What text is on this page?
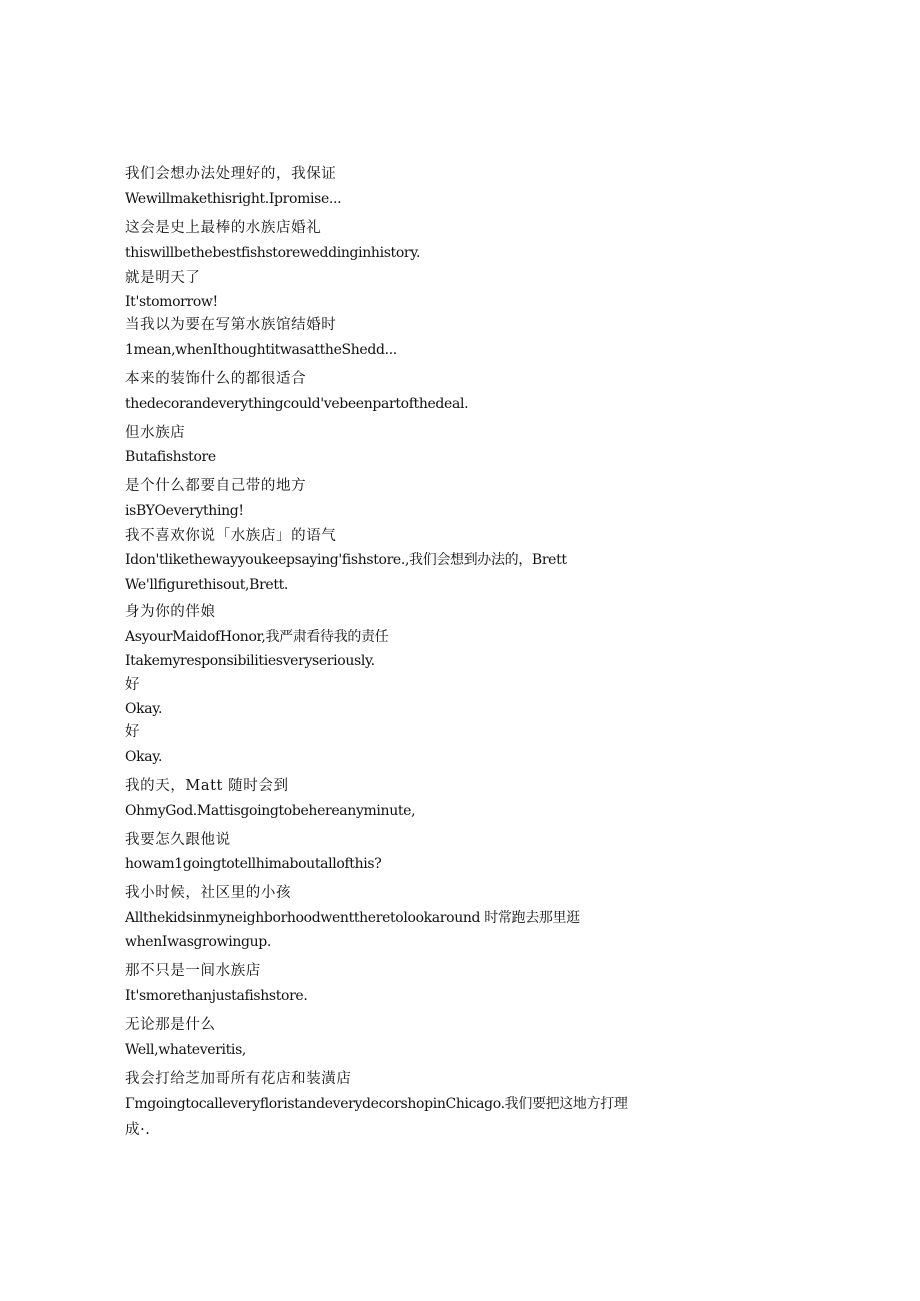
我们会想办法处理好的，我保证
Wewillmakethisright.Ipromise...
这会是史上最棒的水族店婚礼
thiswillbethebestfishstoreweddinginhistory.
就是明天了
It'stomorrow!
当我以为要在写第水族馆结婚时
1mean,whenIthoughtitwasattheShedd...
本来的装饰什么的都很适合
thedecorandeverythingcould'vebeenpartofthedeal.
但水族店
Butafishstore
是个什么都要自己带的地方
isBYOeverything!
我不喜欢你说「水族店」的语气
Idon'tlikethewayyoukeepsaying'fishstore.,我们会想到办法的，Brett
We'llfigurethisout,Brett.
身为你的伴娘
AsyourMaidofHonor,我严肃看待我的责任
Itakemyresponsibilitiesveryseriously.
好
Okay.
好
Okay.
我的天，Matt 随时会到
OhmyGod.Mattisgoingtobehereanyminute,
我要怎久跟他说
howam1goingtotellhimaboutallofthis?
我小时候，社区里的小孩
Allthekidsinmyneighborhoodwenttheretolookaround 时常跑去那里逛
whenIwasgrowingup.
那不只是一间水族店
It'smorethanjustafishstore.
无论那是什么
Well,whateveritis,
我会打给芝加哥所有花店和装潢店
ΓmgoingtocalleveryfloristandeverydecorshopinChicago.我们要把这地方打理
成·.
